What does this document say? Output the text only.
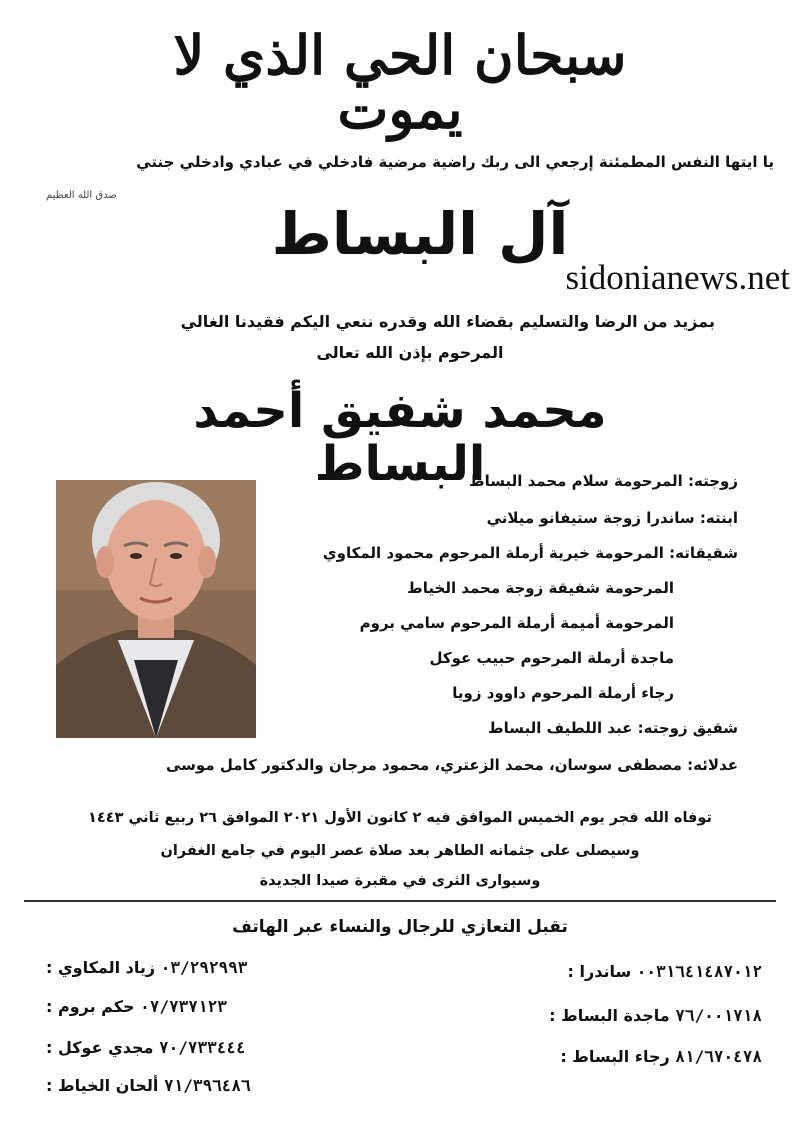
سبحان الحي الذي لا يموت
يا ايتها النفس المطمئنة إرجعي الى ربك راضية مرضية فادخلي في عبادي وادخلي جنتي
صدق الله العظيم
آل البساط
sidonianews.net
بمزيد من الرضا والتسليم بقضاء الله وقدره ننعي اليكم فقيدنا الغالي
المرحوم بإذن الله تعالى
محمد شفيق أحمد البساط
زوجته: المرحومة سلام محمد البساط
ابنته: ساندرا زوجة ستيفانو ميلاني
شقيقاته: المرحومة خيرية أرملة المرحوم محمود المكاوي
المرحومة شفيقة زوجة محمد الخياط
المرحومة أميمة أرملة المرحوم سامي بروم
ماجدة أرملة المرحوم حبيب عوكل
رجاء أرملة المرحوم داوود زويا
شقيق زوجته: عبد اللطيف البساط
عدلائه: مصطفى سوسان، محمد الزعتري، محمود مرجان والدكتور كامل موسى
توفاه الله فجر يوم الخميس الموافق فيه ٢ كانون الأول ٢٠٢١ الموافق ٢٦ ربيع ثاني ١٤٤٣
وسيصلى على جثمانه الطاهر بعد صلاة عصر اليوم في جامع الغفران
وسيوارى الثرى في مقبرة صيدا الجديدة
تقبل التعازي للرجال والنساء عبر الهاتف
ساندرا : ٠٠٣١٦٤١٤٨٧٠١٢
ماجدة البساط : ٧٦/٠٠١٧١٨
رجاء البساط : ٨١/٦٧٠٤٧٨
زياد المكاوي : ٠٣/٢٩٢٩٩٣
حكم بروم : ٠٧/٧٣٧١٢٣
مجدي عوكل : ٧٠/٧٣٣٤٤٤
ألحان الخياط : ٧١/٣٩٦٤٨٦
